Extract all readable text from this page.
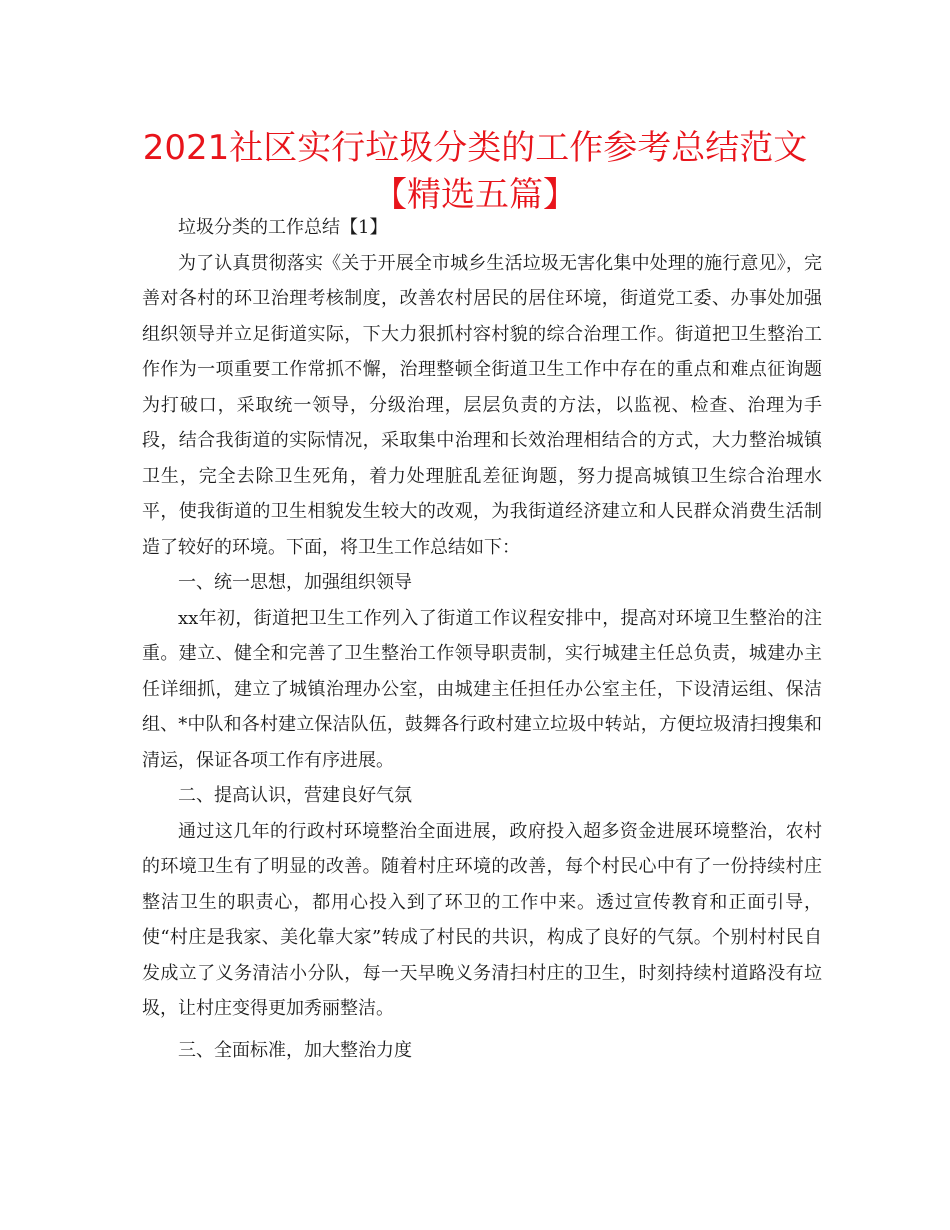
2021社区实行垃圾分类的工作参考总结范文
【精选五篇】

垃圾分类的工作总结【1】

为了认真贯彻落实《关于开展全市城乡生活垃圾无害化集中处理的施行意见》，完善对各村的环卫治理考核制度，改善农村居民的居住环境，街道党工委、办事处加强组织领导并立足街道实际，下大力狠抓村容村貌的综合治理工作。街道把卫生整治工作作为一项重要工作常抓不懈，治理整顿全街道卫生工作中存在的重点和难点征询题为打破口，采取统一领导，分级治理，层层负责的方法，以监视、检查、治理为手段，结合我街道的实际情况，采取集中治理和长效治理相结合的方式，大力整治城镇卫生，完全去除卫生死角，着力处理脏乱差征询题，努力提高城镇卫生综合治理水平，使我街道的卫生相貌发生较大的改观，为我街道经济建立和人民群众消费生活制造了较好的环境。下面，将卫生工作总结如下：

一、统一思想，加强组织领导

xx年初，街道把卫生工作列入了街道工作议程安排中，提高对环境卫生整治的注重。建立、健全和完善了卫生整治工作领导职责制，实行城建主任总负责，城建办主任详细抓，建立了城镇治理办公室，由城建主任担任办公室主任，下设清运组、保洁组、*中队和各村建立保洁队伍，鼓舞各行政村建立垃圾中转站，方便垃圾清扫搜集和清运，保证各项工作有序进展。

二、提高认识，营建良好气氛

通过这几年的行政村环境整治全面进展，政府投入超多资金进展环境整治，农村的环境卫生有了明显的改善。随着村庄环境的改善，每个村民心中有了一份持续村庄整洁卫生的职责心，都用心投入到了环卫的工作中来。透过宣传教育和正面引导，使“村庄是我家、美化靠大家”转成了村民的共识，构成了良好的气氛。个别村村民自发成立了义务清洁小分队，每一天早晚义务清扫村庄的卫生，时刻持续村道路没有垃圾，让村庄变得更加秀丽整洁。

三、全面标准，加大整治力度
